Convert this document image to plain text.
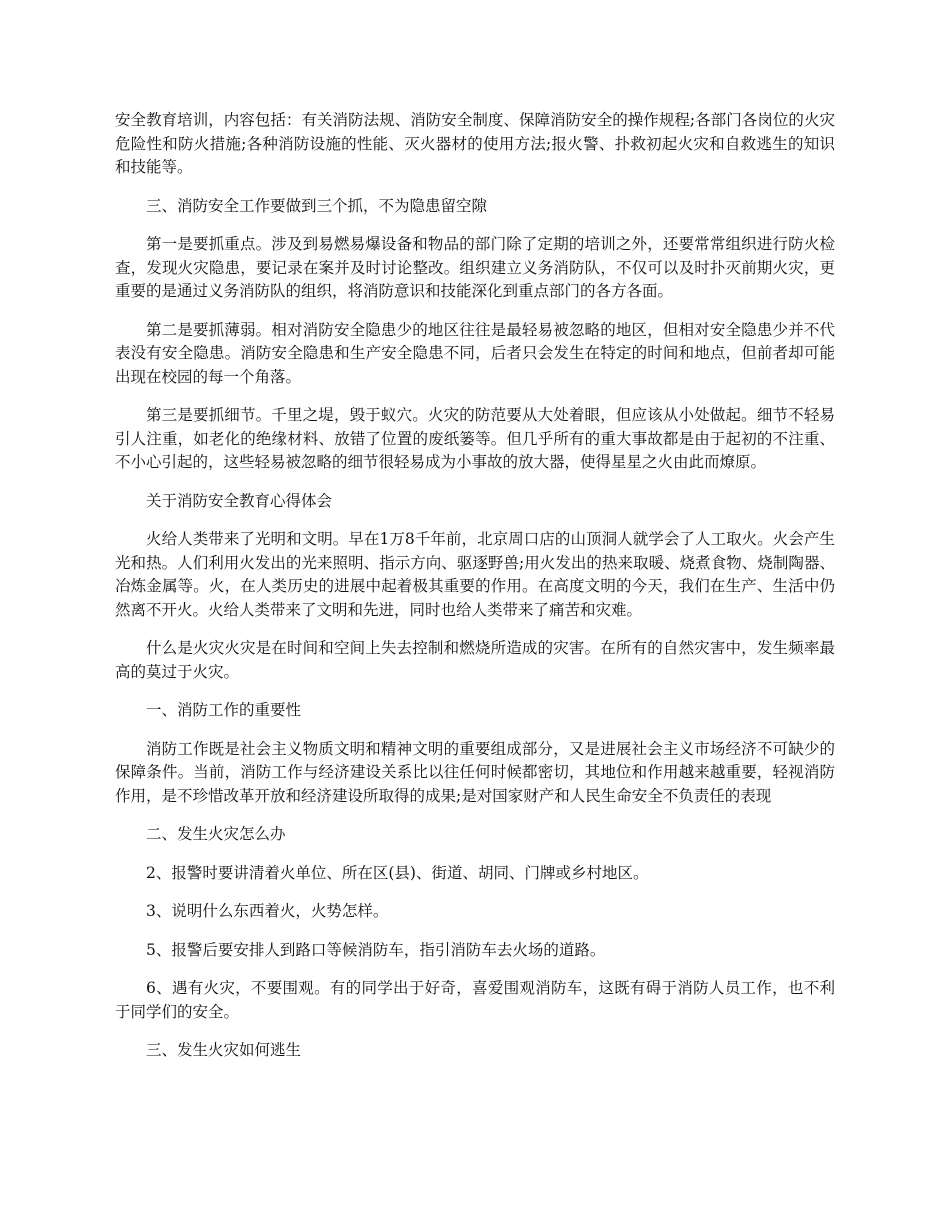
安全教育培训，内容包括：有关消防法规、消防安全制度、保障消防安全的操作规程;各部门各岗位的火灾危险性和防火措施;各种消防设施的性能、灭火器材的使用方法;报火警、扑救初起火灾和自救逃生的知识和技能等。

三、消防安全工作要做到三个抓，不为隐患留空隙

第一是要抓重点。涉及到易燃易爆设备和物品的部门除了定期的培训之外，还要常常组织进行防火检查，发现火灾隐患，要记录在案并及时讨论整改。组织建立义务消防队，不仅可以及时扑灭前期火灾，更重要的是通过义务消防队的组织，将消防意识和技能深化到重点部门的各方各面。

第二是要抓薄弱。相对消防安全隐患少的地区往往是最轻易被忽略的地区，但相对安全隐患少并不代表没有安全隐患。消防安全隐患和生产安全隐患不同，后者只会发生在特定的时间和地点，但前者却可能出现在校园的每一个角落。

第三是要抓细节。千里之堤，毁于蚁穴。火灾的防范要从大处着眼，但应该从小处做起。细节不轻易引人注重，如老化的绝缘材料、放错了位置的废纸篓等。但几乎所有的重大事故都是由于起初的不注重、不小心引起的，这些轻易被忽略的细节很轻易成为小事故的放大器，使得星星之火由此而燎原。

关于消防安全教育心得体会

火给人类带来了光明和文明。早在1万8千年前，北京周口店的山顶洞人就学会了人工取火。火会产生光和热。人们利用火发出的光来照明、指示方向、驱逐野兽;用火发出的热来取暖、烧煮食物、烧制陶器、冶炼金属等。火，在人类历史的进展中起着极其重要的作用。在高度文明的今天，我们在生产、生活中仍然离不开火。火给人类带来了文明和先进，同时也给人类带来了痛苦和灾难。

什么是火灾火灾是在时间和空间上失去控制和燃烧所造成的灾害。在所有的自然灾害中，发生频率最高的莫过于火灾。

一、消防工作的重要性

消防工作既是社会主义物质文明和精神文明的重要组成部分，又是进展社会主义市场经济不可缺少的保障条件。当前，消防工作与经济建设关系比以往任何时候都密切，其地位和作用越来越重要，轻视消防作用，是不珍惜改革开放和经济建设所取得的成果;是对国家财产和人民生命安全不负责任的表现

二、发生火灾怎么办

2、报警时要讲清着火单位、所在区(县)、街道、胡同、门牌或乡村地区。

3、说明什么东西着火，火势怎样。

5、报警后要安排人到路口等候消防车，指引消防车去火场的道路。

6、遇有火灾，不要围观。有的同学出于好奇，喜爱围观消防车，这既有碍于消防人员工作，也不利于同学们的安全。

三、发生火灾如何逃生
